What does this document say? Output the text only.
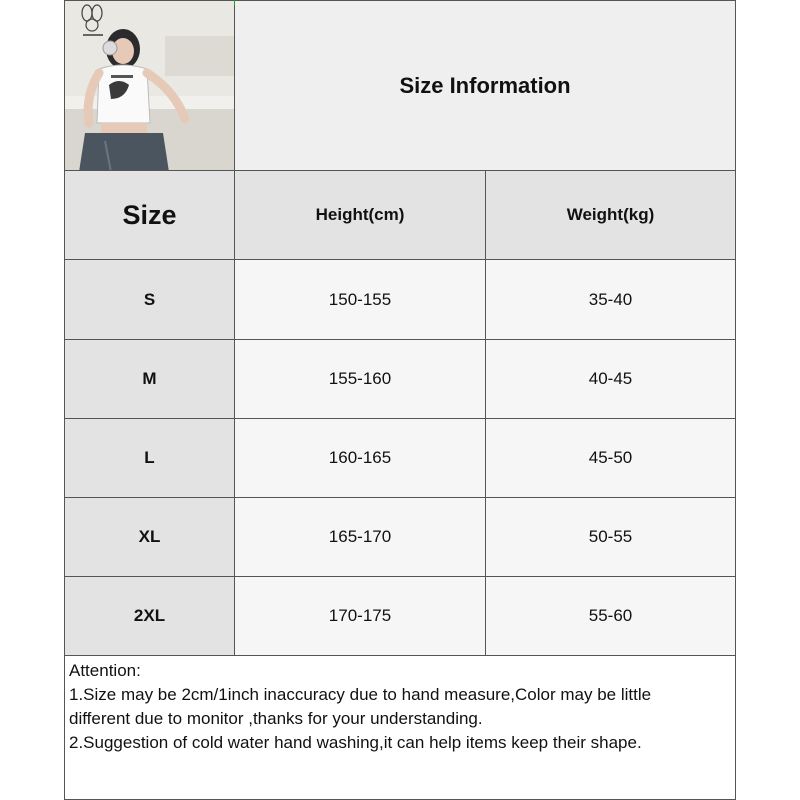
Size Information
Size	Height(cm)	Weight(kg)
S	150-155	35-40
M	155-160	40-45
L	160-165	45-50
XL	165-170	50-55
2XL	170-175	55-60
Attention:
1.Size may be 2cm/1inch inaccuracy due to hand measure,Color may be little
different due to monitor ,thanks for your understanding.
2.Suggestion of cold water hand washing,it can help items keep their shape.
